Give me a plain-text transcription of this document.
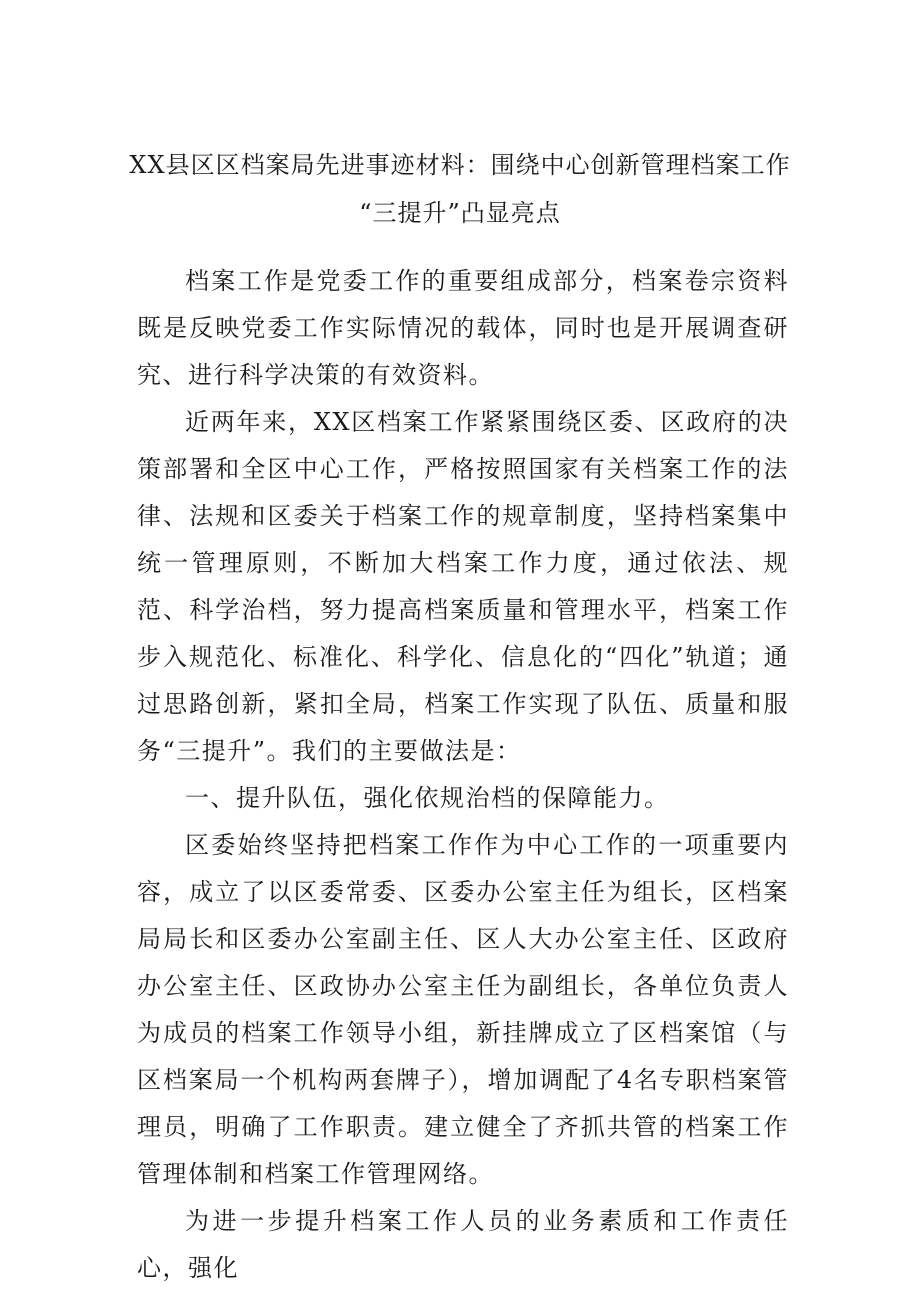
XX县区区档案局先进事迹材料：围绕中心创新管理档案工作
“三提升”凸显亮点

档案工作是党委工作的重要组成部分，档案卷宗资料既是反映党委工作实际情况的载体，同时也是开展调查研究、进行科学决策的有效资料。

近两年来，XX区档案工作紧紧围绕区委、区政府的决策部署和全区中心工作，严格按照国家有关档案工作的法律、法规和区委关于档案工作的规章制度，坚持档案集中统一管理原则，不断加大档案工作力度，通过依法、规范、科学治档，努力提高档案质量和管理水平，档案工作步入规范化、标准化、科学化、信息化的“四化”轨道；通过思路创新，紧扣全局，档案工作实现了队伍、质量和服务“三提升”。我们的主要做法是：

一、提升队伍，强化依规治档的保障能力。

区委始终坚持把档案工作作为中心工作的一项重要内容，成立了以区委常委、区委办公室主任为组长，区档案局局长和区委办公室副主任、区人大办公室主任、区政府办公室主任、区政协办公室主任为副组长，各单位负责人为成员的档案工作领导小组，新挂牌成立了区档案馆（与区档案局一个机构两套牌子），增加调配了4名专职档案管理员，明确了工作职责。建立健全了齐抓共管的档案工作管理体制和档案工作管理网络。

为进一步提升档案工作人员的业务素质和工作责任心，强化
